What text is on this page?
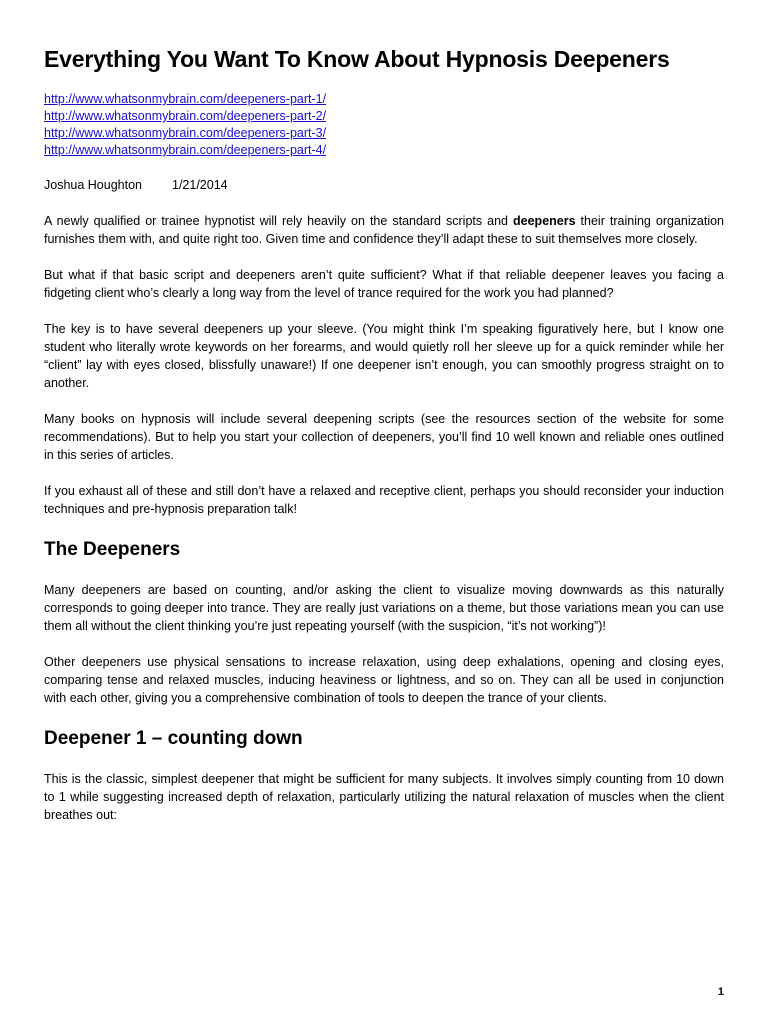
Everything You Want To Know About Hypnosis Deepeners
http://www.whatsonmybrain.com/deepeners-part-1/
http://www.whatsonmybrain.com/deepeners-part-2/
http://www.whatsonmybrain.com/deepeners-part-3/
http://www.whatsonmybrain.com/deepeners-part-4/
Joshua Houghton 1/21/2014

A newly qualified or trainee hypnotist will rely heavily on the standard scripts and deepeners their training organization furnishes them with, and quite right too. Given time and confidence they’ll adapt these to suit themselves more closely.

But what if that basic script and deepeners aren’t quite sufficient? What if that reliable deepener leaves you facing a fidgeting client who’s clearly a long way from the level of trance required for the work you had planned?

The key is to have several deepeners up your sleeve. (You might think I’m speaking figuratively here, but I know one student who literally wrote keywords on her forearms, and would quietly roll her sleeve up for a quick reminder while her “client” lay with eyes closed, blissfully unaware!) If one deepener isn’t enough, you can smoothly progress straight on to another.

Many books on hypnosis will include several deepening scripts (see the resources section of the website for some recommendations). But to help you start your collection of deepeners, you’ll find 10 well known and reliable ones outlined in this series of articles.

If you exhaust all of these and still don’t have a relaxed and receptive client, perhaps you should reconsider your induction techniques and pre-hypnosis preparation talk!

The Deepeners

Many deepeners are based on counting, and/or asking the client to visualize moving downwards as this naturally corresponds to going deeper into trance. They are really just variations on a theme, but those variations mean you can use them all without the client thinking you’re just repeating yourself (with the suspicion, “it’s not working”)!

Other deepeners use physical sensations to increase relaxation, using deep exhalations, opening and closing eyes, comparing tense and relaxed muscles, inducing heaviness or lightness, and so on. They can all be used in conjunction with each other, giving you a comprehensive combination of tools to deepen the trance of your clients.

Deepener 1 – counting down

This is the classic, simplest deepener that might be sufficient for many subjects. It involves simply counting from 10 down to 1 while suggesting increased depth of relaxation, particularly utilizing the natural relaxation of muscles when the client breathes out:

1
